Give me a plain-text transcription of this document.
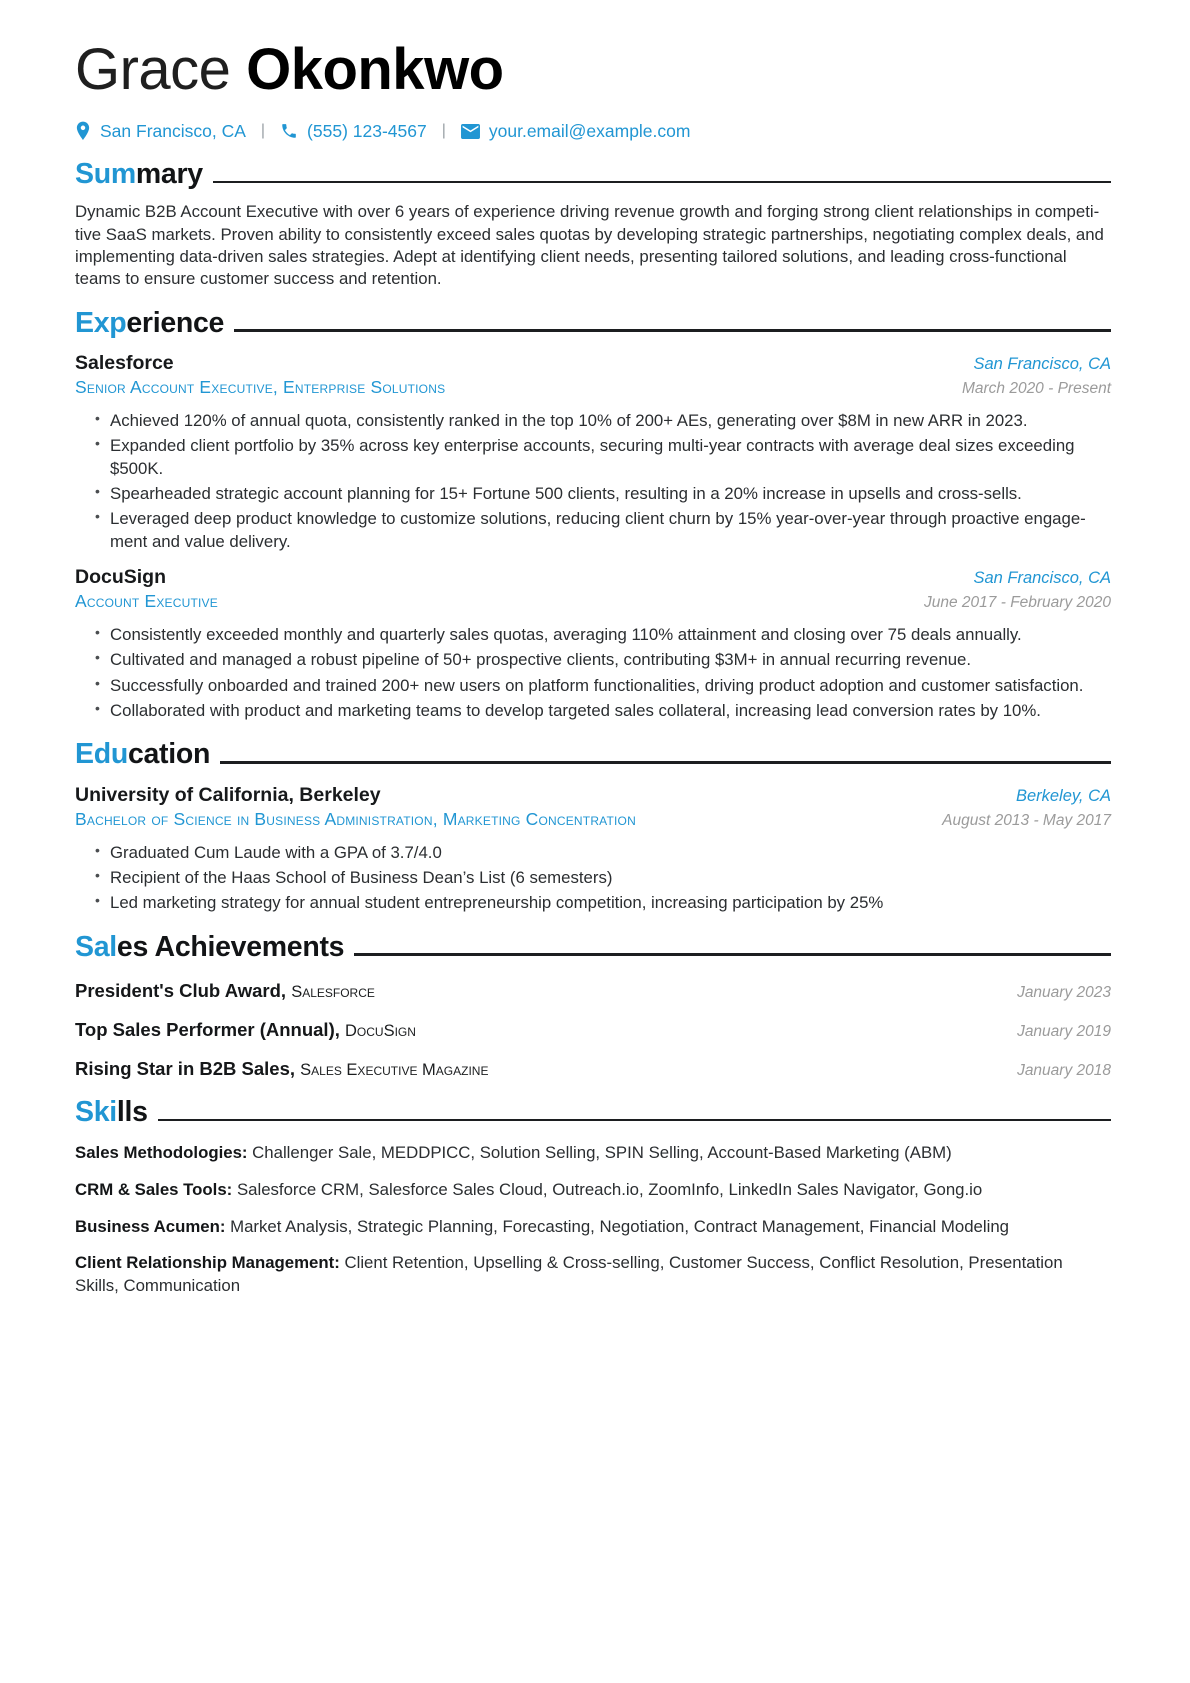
Grace Okonkwo
San Francisco, CA | (555) 123-4567 | your.email@example.com
Summary

Dynamic B2B Account Executive with over 6 years of experience driving revenue growth and forging strong client relationships in competitive SaaS markets. Proven ability to consistently exceed sales quotas by developing strategic partnerships, negotiating complex deals, and implementing data-driven sales strategies. Adept at identifying client needs, presenting tailored solutions, and leading cross-functional teams to ensure customer success and retention.

Experience
Salesforce	San Francisco, CA
Senior Account Executive, Enterprise Solutions	March 2020 - Present
• Achieved 120% of annual quota, consistently ranked in the top 10% of 200+ AEs, generating over $8M in new ARR in 2023.
• Expanded client portfolio by 35% across key enterprise accounts, securing multi-year contracts with average deal sizes exceeding $500K.
• Spearheaded strategic account planning for 15+ Fortune 500 clients, resulting in a 20% increase in upsells and cross-sells.
• Leveraged deep product knowledge to customize solutions, reducing client churn by 15% year-over-year through proactive engagement and value delivery.
DocuSign	San Francisco, CA
Account Executive	June 2017 - February 2020
• Consistently exceeded monthly and quarterly sales quotas, averaging 110% attainment and closing over 75 deals annually.
• Cultivated and managed a robust pipeline of 50+ prospective clients, contributing $3M+ in annual recurring revenue.
• Successfully onboarded and trained 200+ new users on platform functionalities, driving product adoption and customer satisfaction.
• Collaborated with product and marketing teams to develop targeted sales collateral, increasing lead conversion rates by 10%.
Education
University of California, Berkeley	Berkeley, CA
Bachelor of Science in Business Administration, Marketing Concentration	August 2013 - May 2017
• Graduated Cum Laude with a GPA of 3.7/4.0
• Recipient of the Haas School of Business Dean’s List (6 semesters)
• Led marketing strategy for annual student entrepreneurship competition, increasing participation by 25%
Sales Achievements
President's Club Award, Salesforce	January 2023
Top Sales Performer (Annual), DocuSign	January 2019
Rising Star in B2B Sales, Sales Executive Magazine	January 2018
Skills

Sales Methodologies: Challenger Sale, MEDDPICC, Solution Selling, SPIN Selling, Account-Based Marketing (ABM)

CRM & Sales Tools: Salesforce CRM, Salesforce Sales Cloud, Outreach.io, ZoomInfo, LinkedIn Sales Navigator, Gong.io

Business Acumen: Market Analysis, Strategic Planning, Forecasting, Negotiation, Contract Management, Financial Modeling

Client Relationship Management: Client Retention, Upselling & Cross-selling, Customer Success, Conflict Resolution, Presentation Skills, Communication
